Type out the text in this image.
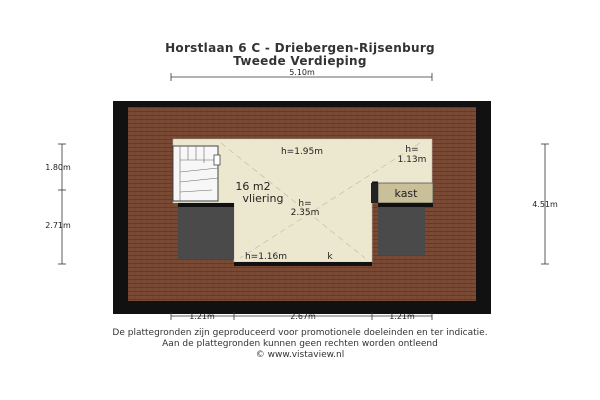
Horstlaan 6 C - Driebergen-Rijsenburg
Tweede Verdieping
5.10m
16 m2
vliering	kast
k
h=1.95m	h=
1.13m
h=
2.35m
h=1.16m
1.80m
2.71m
4.51m
1.21m	2.67m	1.21m
De plattegronden zijn geproduceerd voor promotionele doeleinden en ter indicatie.
Aan de plattegronden kunnen geen rechten worden ontleend
© www.vistaview.nl
